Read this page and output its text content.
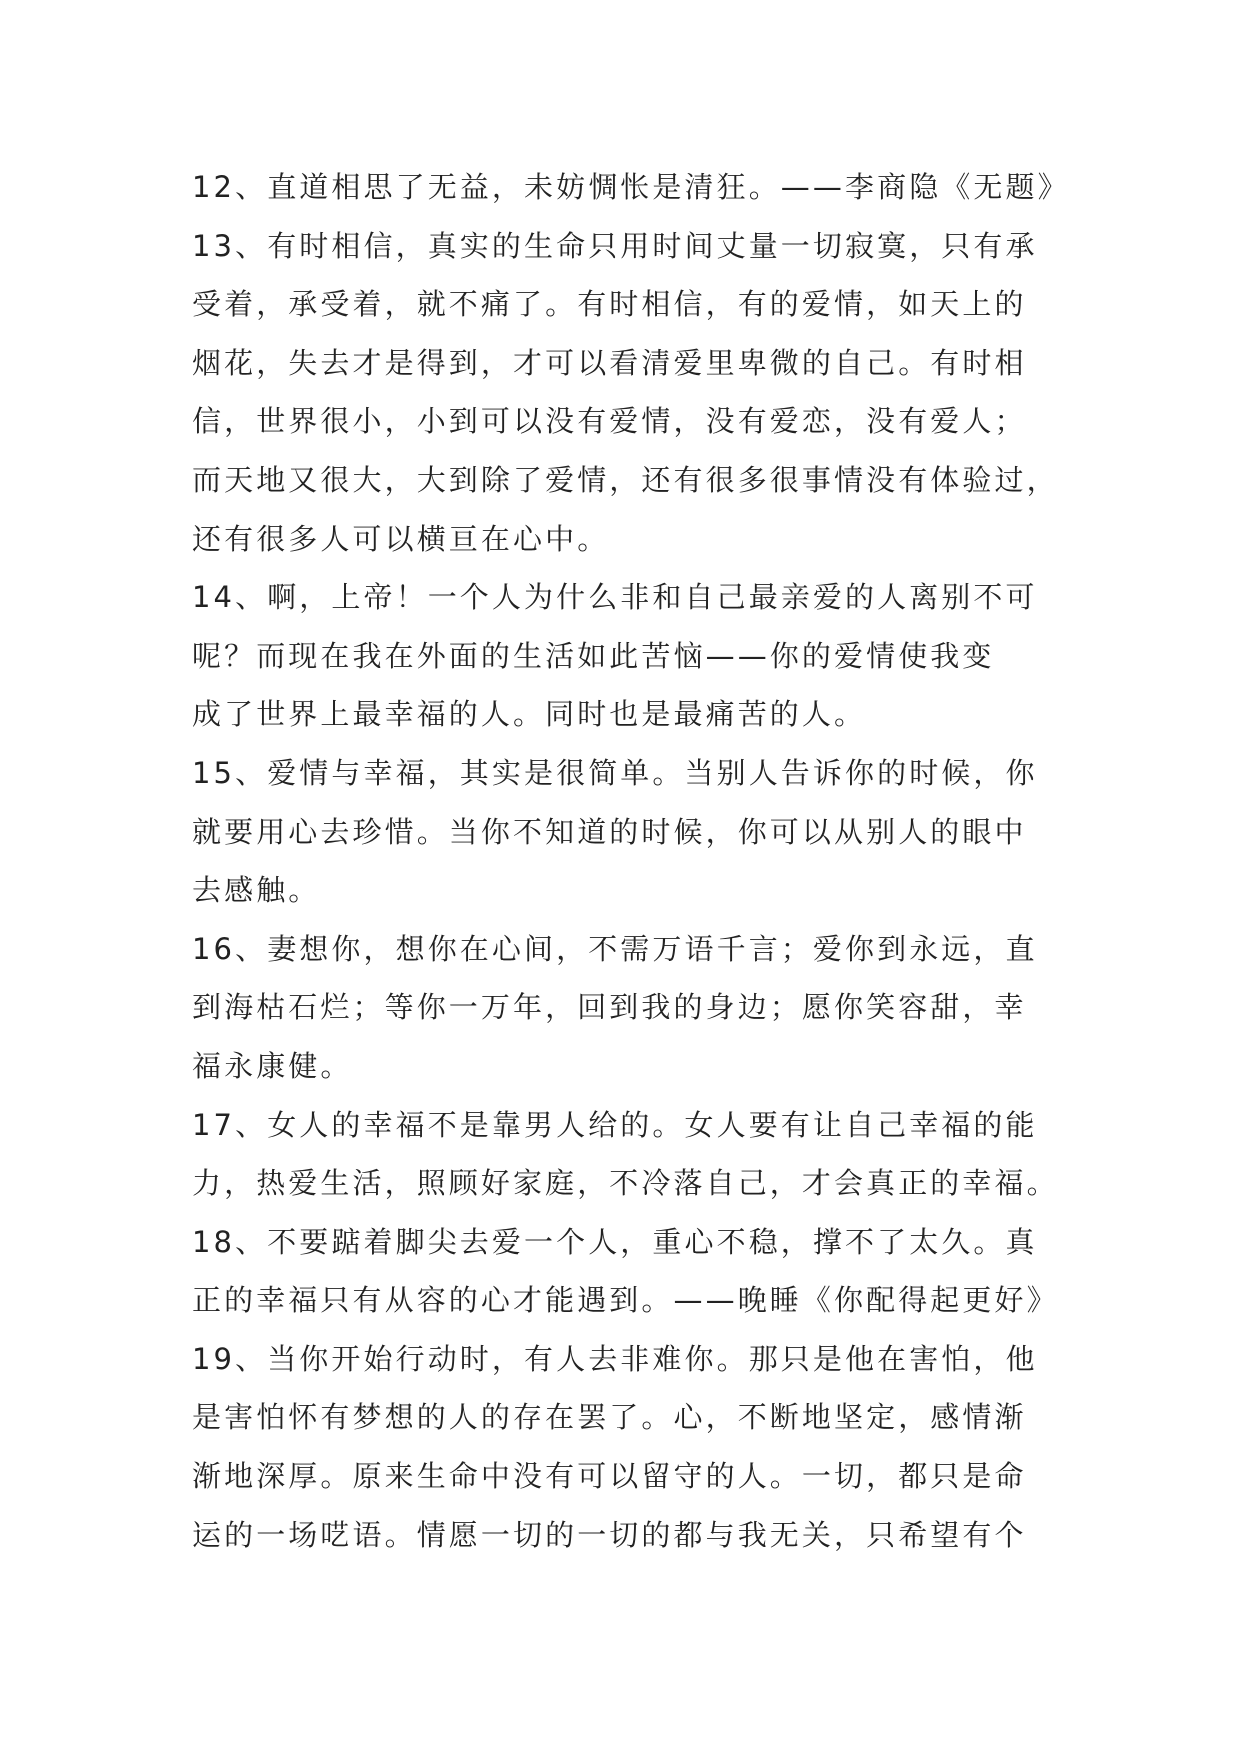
12、直道相思了无益，未妨惆怅是清狂。——李商隐《无题》
13、有时相信，真实的生命只用时间丈量一切寂寞，只有承
受着，承受着，就不痛了。有时相信，有的爱情，如天上的
烟花，失去才是得到，才可以看清爱里卑微的自己。有时相
信，世界很小，小到可以没有爱情，没有爱恋，没有爱人；
而天地又很大，大到除了爱情，还有很多很事情没有体验过，
还有很多人可以横亘在心中。
14、啊，上帝！一个人为什么非和自己最亲爱的人离别不可
呢？而现在我在外面的生活如此苦恼——你的爱情使我变
成了世界上最幸福的人。同时也是最痛苦的人。
15、爱情与幸福，其实是很简单。当别人告诉你的时候，你
就要用心去珍惜。当你不知道的时候，你可以从别人的眼中
去感触。
16、妻想你，想你在心间，不需万语千言；爱你到永远，直
到海枯石烂；等你一万年，回到我的身边；愿你笑容甜，幸
福永康健。
17、女人的幸福不是靠男人给的。女人要有让自己幸福的能
力，热爱生活，照顾好家庭，不冷落自己，才会真正的幸福。
18、不要踮着脚尖去爱一个人，重心不稳，撑不了太久。真
正的幸福只有从容的心才能遇到。——晚睡《你配得起更好》
19、当你开始行动时，有人去非难你。那只是他在害怕，他
是害怕怀有梦想的人的存在罢了。心，不断地坚定，感情渐
渐地深厚。原来生命中没有可以留守的人。一切，都只是命
运的一场呓语。情愿一切的一切的都与我无关，只希望有个
